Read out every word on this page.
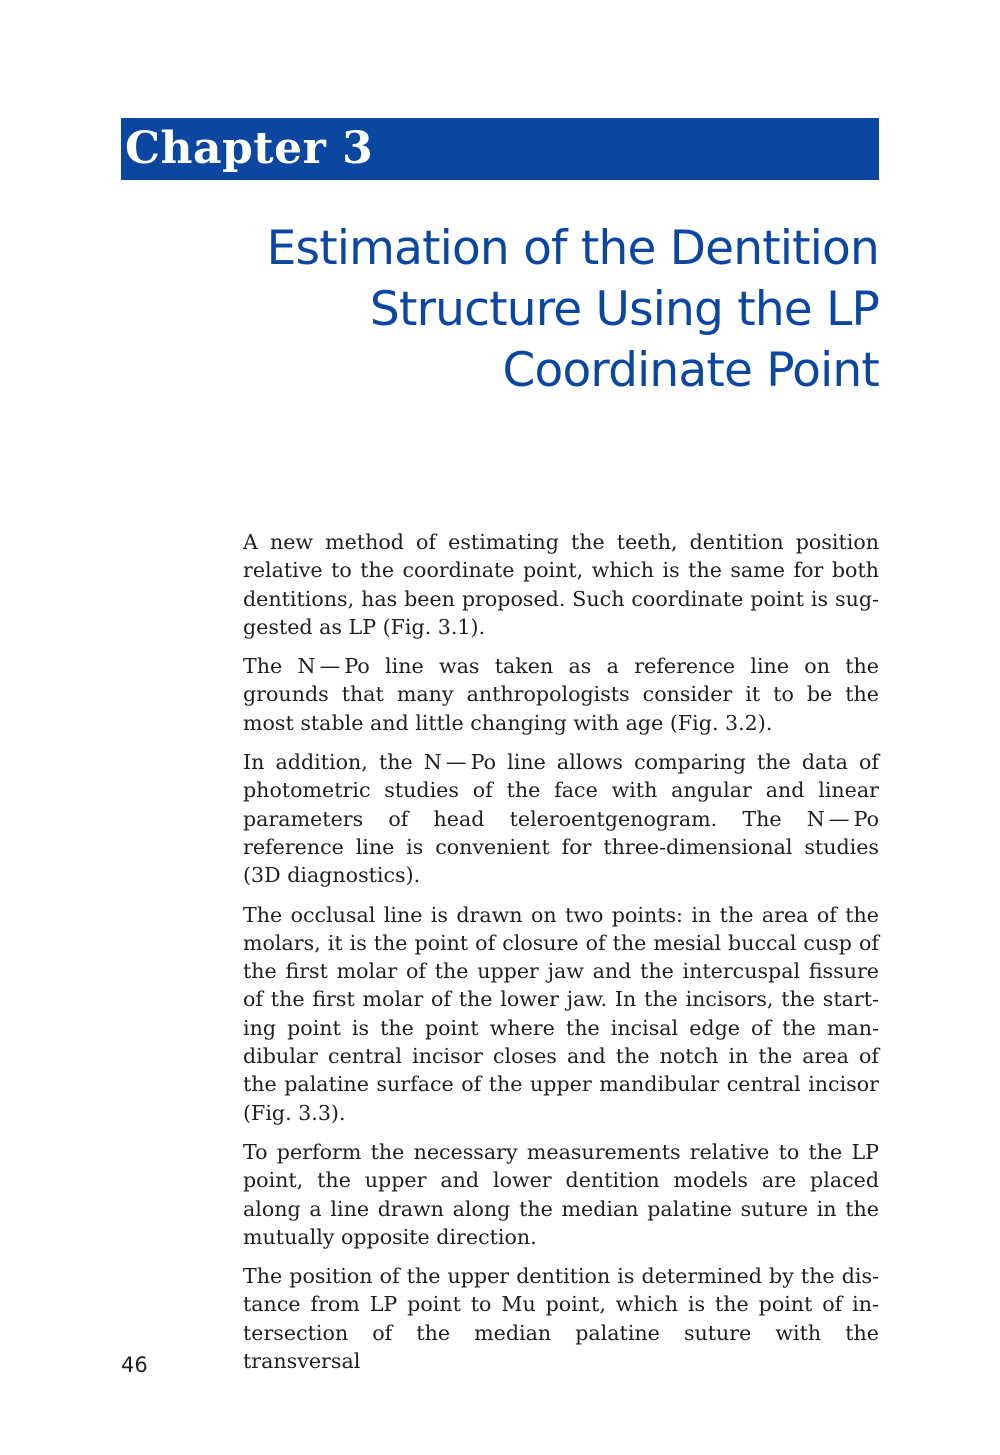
Chapter 3
Estimation of the Dentition
Structure Using the LP
Coordinate Point

A new method of estimating the teeth, dentition position relative to the coordinate point, which is the same for both dentitions, has been proposed. Such coordinate point is suggested as LP (Fig. 3.1).

The N — Po line was taken as a reference line on the grounds that many anthropologists consider it to be the most stable and little changing with age (Fig. 3.2).

In addition, the N — Po line allows comparing the data of photometric studies of the face with angular and linear parameters of head teleroentgenogram. The N — Po reference line is convenient for three-dimensional studies (3D diagnostics).

The occlusal line is drawn on two points: in the area of the molars, it is the point of closure of the mesial buccal cusp of the first molar of the upper jaw and the intercuspal fissure of the first molar of the lower jaw. In the incisors, the starting point is the point where the incisal edge of the mandibular central incisor closes and the notch in the area of the palatine surface of the upper mandibular central incisor (Fig. 3.3).

To perform the necessary measurements relative to the LP point, the upper and lower dentition models are placed along a line drawn along the median palatine suture in the mutually opposite direction.

The position of the upper dentition is determined by the distance from LP point to Mu point, which is the point of intersection of the median palatine suture with the transversal

46
